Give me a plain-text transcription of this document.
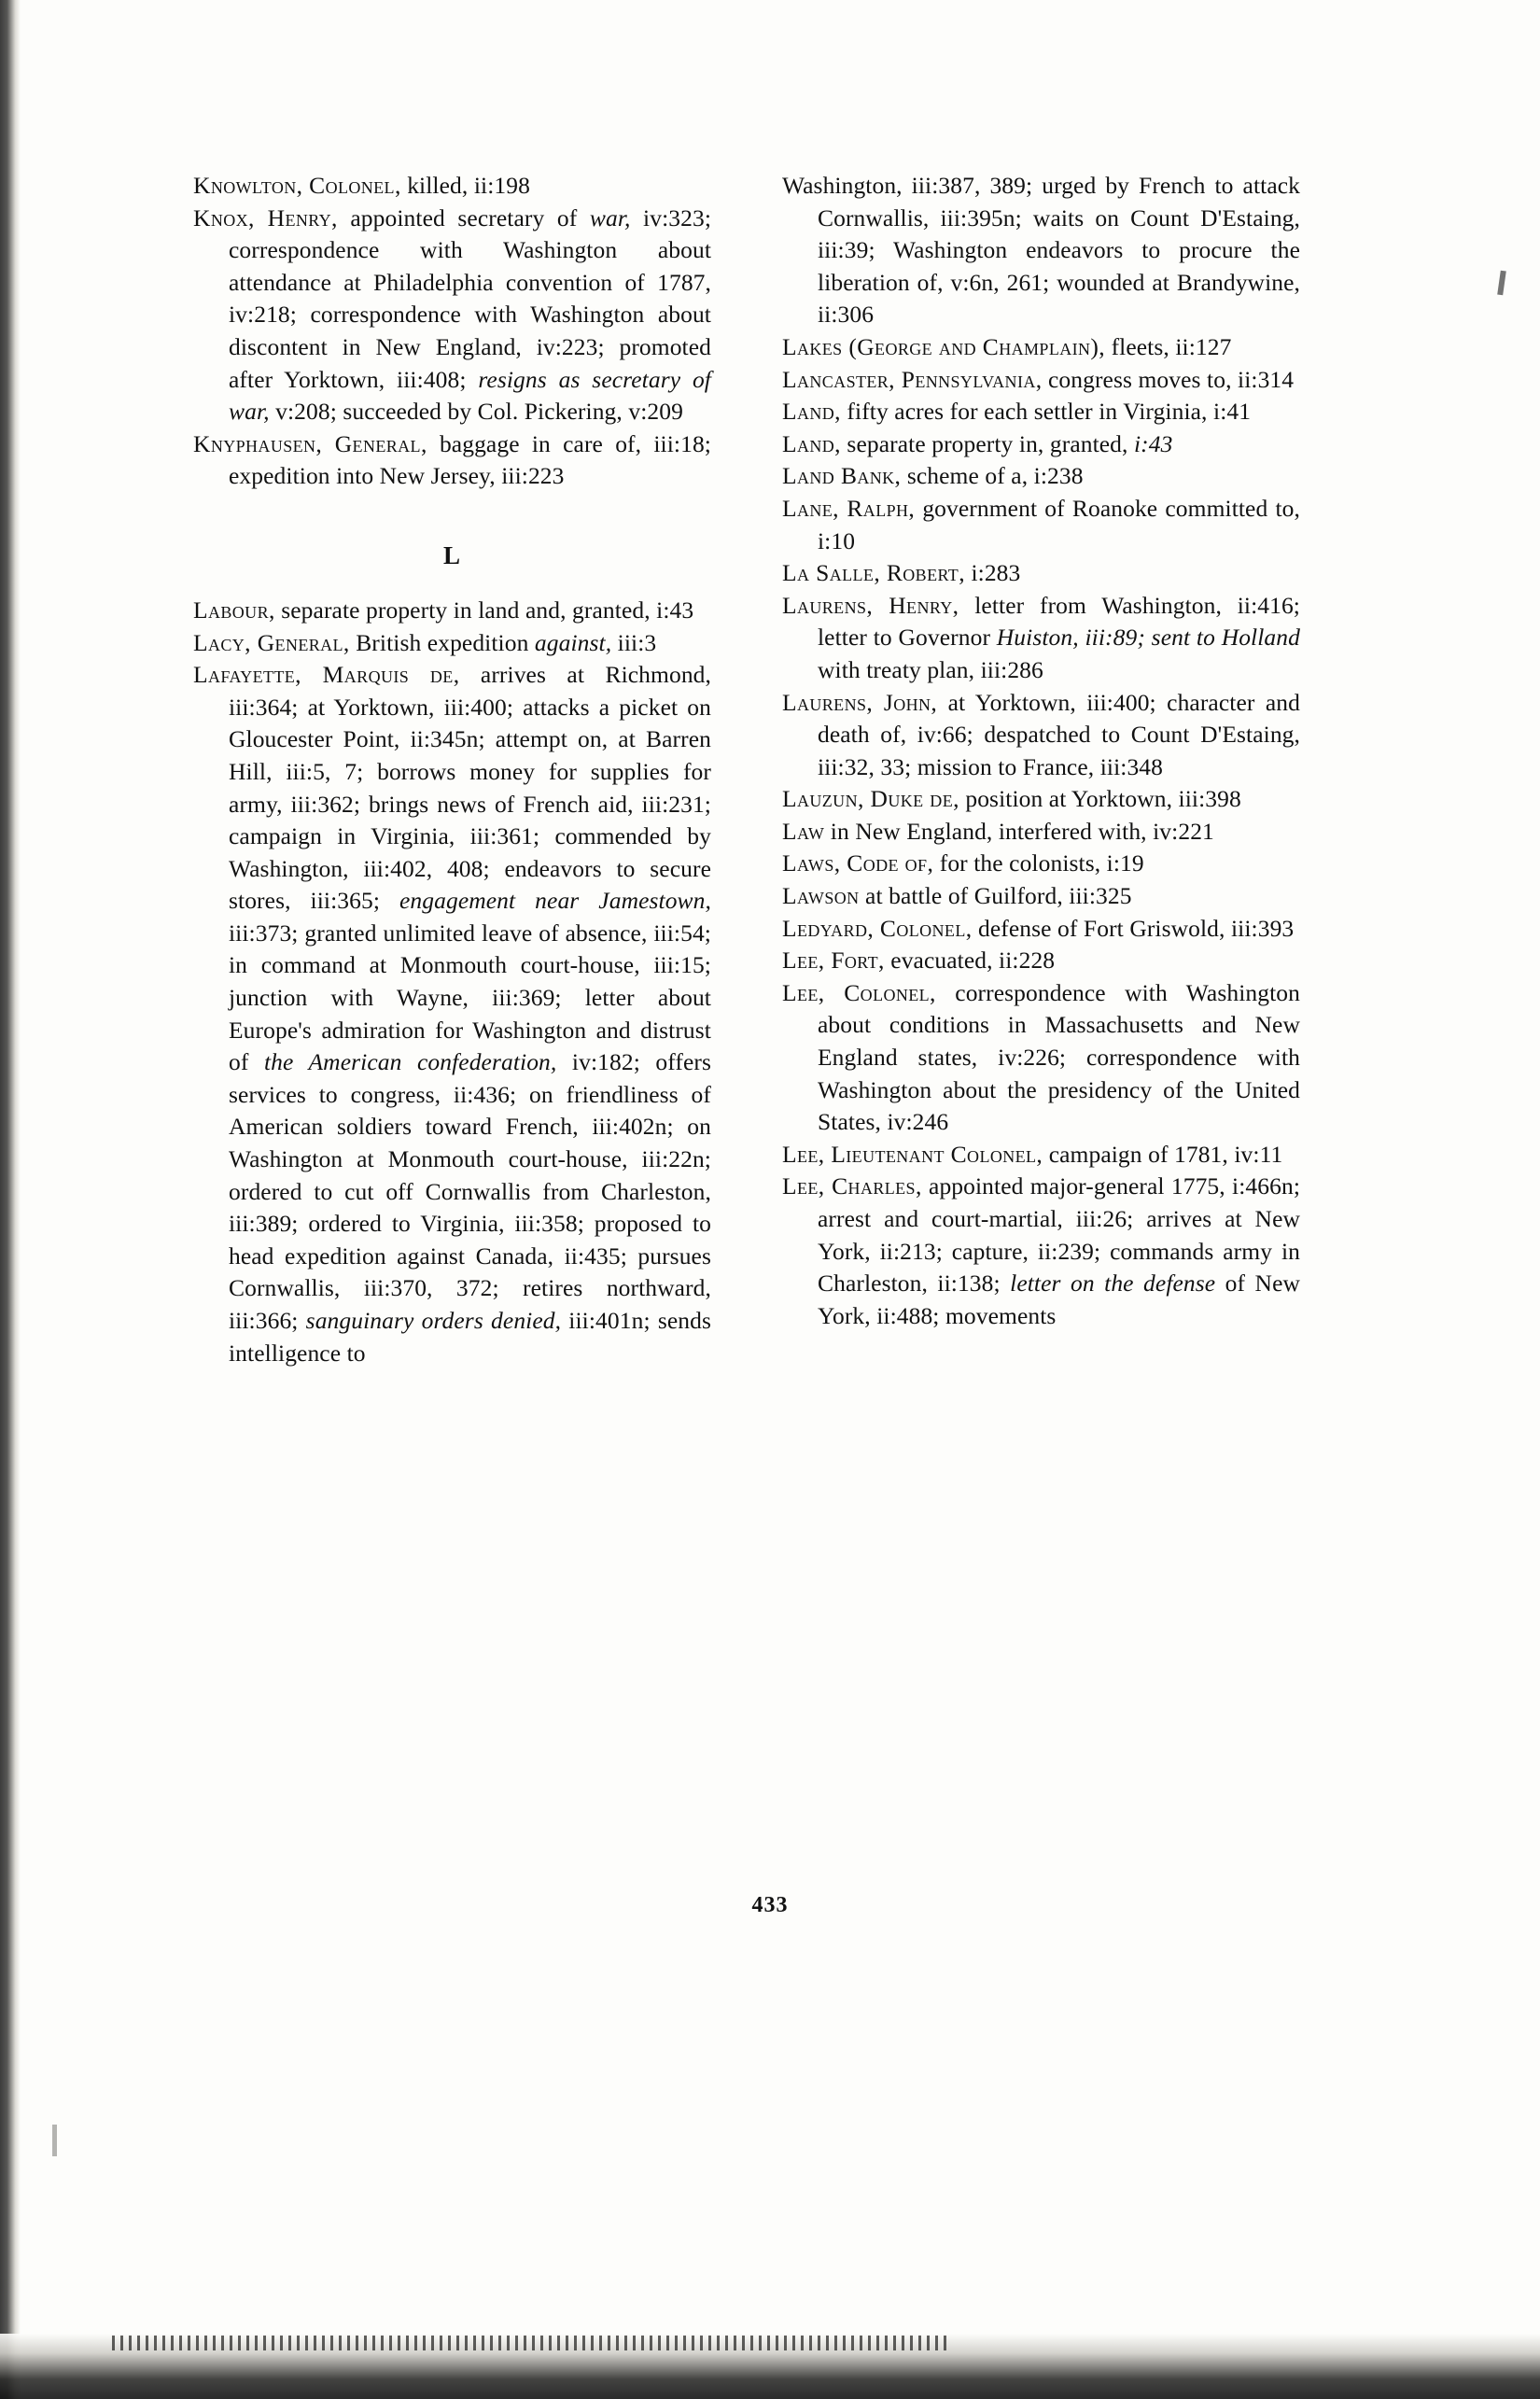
Knowlton, Colonel, killed, ii:198

Knox, Henry, appointed secretary of war, iv:323; correspondence with Washington about attendance at Philadelphia convention of 1787, iv:218; correspondence with Washington about discontent in New England, iv:223; promoted after Yorktown, iii:408; resigns as secretary of war, v:208; succeeded by Col. Pickering, v:209

Knyphausen, General, baggage in care of, iii:18; expedition into New Jersey, iii:223

L

Labour, separate property in land and, granted, i:43

Lacy, General, British expedition against, iii:3

Lafayette, Marquis de, arrives at Richmond, iii:364; at Yorktown, iii:400; attacks a picket on Gloucester Point, ii:345n; attempt on, at Barren Hill, iii:5, 7; borrows money for supplies for army, iii:362; brings news of French aid, iii:231; campaign in Virginia, iii:361; commended by Washington, iii:402, 408; endeavors to secure stores, iii:365; engagement near Jamestown, iii:373; granted unlimited leave of absence, iii:54; in command at Monmouth court-house, iii:15; junction with Wayne, iii:369; letter about Europe's admiration for Washington and distrust of the American confederation, iv:182; offers services to congress, ii:436; on friendliness of American soldiers toward French, iii:402n; on Washington at Monmouth court-house, iii:22n; ordered to cut off Cornwallis from Charleston, iii:389; ordered to Virginia, iii:358; proposed to head expedition against Canada, ii:435; pursues Cornwallis, iii:370, 372; retires northward, iii:366; sanguinary orders denied, iii:401n; sends intelligence to

Washington, iii:387, 389; urged by French to attack Cornwallis, iii:395n; waits on Count D'Estaing, iii:39; Washington endeavors to procure the liberation of, v:6n, 261; wounded at Brandywine, ii:306

Lakes (George and Champlain), fleets, ii:127

Lancaster, Pennsylvania, congress moves to, ii:314

Land, fifty acres for each settler in Virginia, i:41

Land, separate property in, granted, i:43

Land Bank, scheme of a, i:238

Lane, Ralph, government of Roanoke committed to, i:10

La Salle, Robert, i:283

Laurens, Henry, letter from Washington, ii:416; letter to Governor Huiston, iii:89; sent to Holland with treaty plan, iii:286

Laurens, John, at Yorktown, iii:400; character and death of, iv:66; despatched to Count D'Estaing, iii:32, 33; mission to France, iii:348

Lauzun, Duke de, position at Yorktown, iii:398

Law in New England, interfered with, iv:221

Laws, Code of, for the colonists, i:19

Lawson at battle of Guilford, iii:325

Ledyard, Colonel, defense of Fort Griswold, iii:393

Lee, Fort, evacuated, ii:228

Lee, Colonel, correspondence with Washington about conditions in Massachusetts and New England states, iv:226; correspondence with Washington about the presidency of the United States, iv:246

Lee, Lieutenant Colonel, campaign of 1781, iv:11

Lee, Charles, appointed major-general 1775, i:466n; arrest and court-martial, iii:26; arrives at New York, ii:213; capture, ii:239; commands army in Charleston, ii:138; letter on the defense of New York, ii:488; movements

433
